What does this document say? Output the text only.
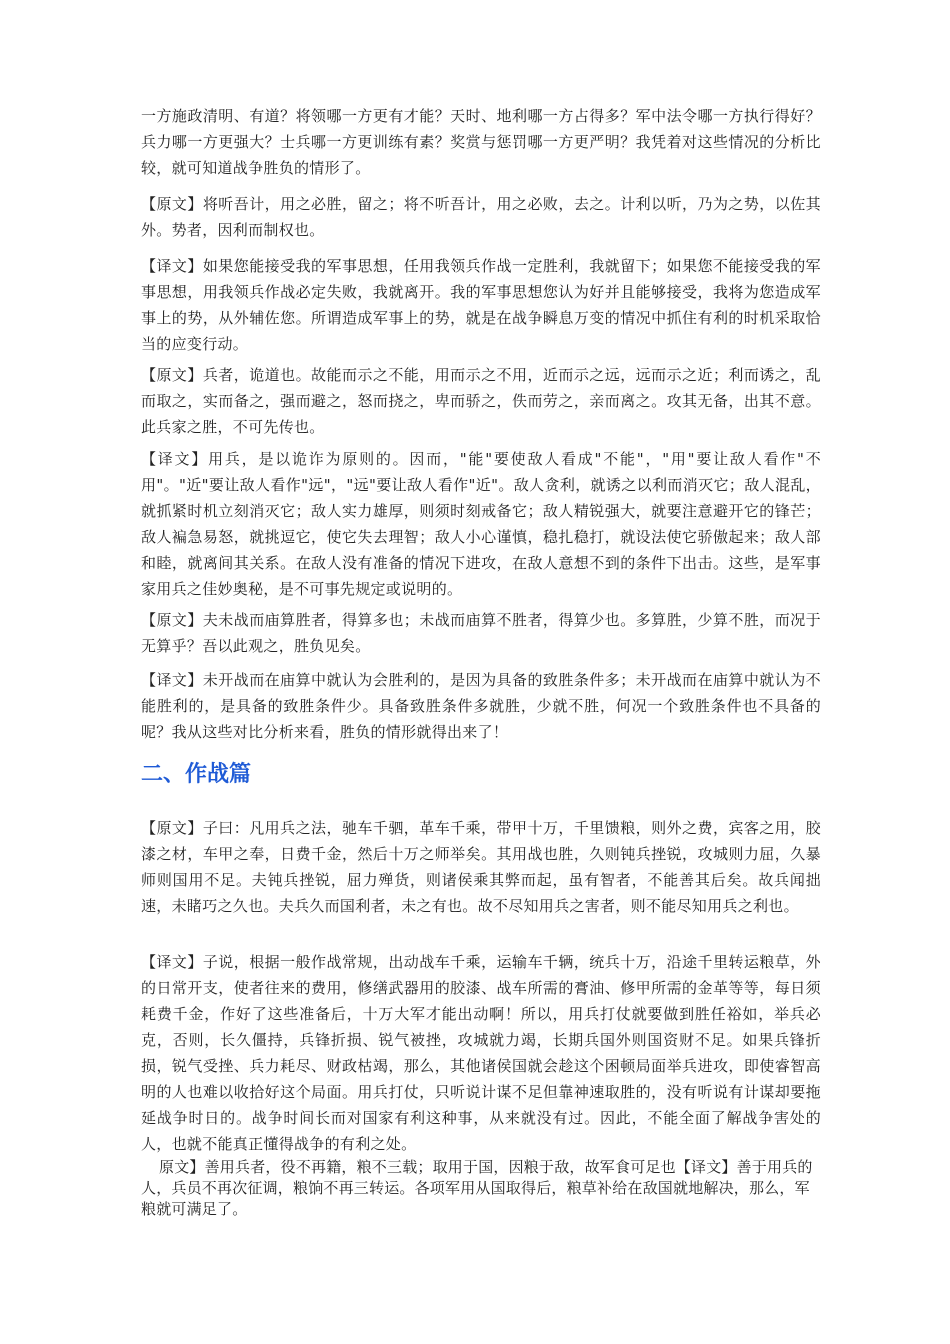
一方施政清明、有道？将领哪一方更有才能？天时、地利哪一方占得多？军中法令哪一方执行得好？兵力哪一方更强大？士兵哪一方更训练有素？奖赏与惩罚哪一方更严明？我凭着对这些情况的分析比较，就可知道战争胜负的情形了。

【原文】将听吾计，用之必胜，留之；将不听吾计，用之必败，去之。计利以听，乃为之势，以佐其外。势者，因利而制权也。

【译文】如果您能接受我的军事思想，任用我领兵作战一定胜利，我就留下；如果您不能接受我的军事思想，用我领兵作战必定失败，我就离开。我的军事思想您认为好并且能够接受，我将为您造成军事上的势，从外辅佐您。所谓造成军事上的势，就是在战争瞬息万变的情况中抓住有利的时机采取恰当的应变行动。

【原文】兵者，诡道也。故能而示之不能，用而示之不用，近而示之远，远而示之近；利而诱之，乱而取之，实而备之，强而避之，怒而挠之，卑而骄之，佚而劳之，亲而离之。攻其无备，出其不意。此兵家之胜，不可先传也。

【译文】用兵，是以诡诈为原则的。因而，"能"要使敌人看成"不能"，"用"要让敌人看作"不用"。"近"要让敌人看作"远"，"远"要让敌人看作"近"。敌人贪利，就诱之以利而消灭它；敌人混乱，就抓紧时机立刻消灭它；敌人实力雄厚，则须时刻戒备它；敌人精锐强大，就要注意避开它的锋芒；敌人褊急易怒，就挑逗它，使它失去理智；敌人小心谨慎，稳扎稳打，就设法使它骄傲起来；敌人部和睦，就离间其关系。在敌人没有准备的情况下进攻，在敌人意想不到的条件下出击。这些，是军事家用兵之佳妙奥秘，是不可事先规定或说明的。

【原文】夫未战而庙算胜者，得算多也；未战而庙算不胜者，得算少也。多算胜，少算不胜，而况于无算乎？吾以此观之，胜负见矣。

【译文】未开战而在庙算中就认为会胜利的，是因为具备的致胜条件多；未开战而在庙算中就认为不能胜利的，是具备的致胜条件少。具备致胜条件多就胜，少就不胜，何况一个致胜条件也不具备的呢？我从这些对比分析来看，胜负的情形就得出来了！

二、作战篇

【原文】子曰：凡用兵之法，驰车千驷，革车千乘，带甲十万，千里馈粮，则外之费，宾客之用，胶漆之材，车甲之奉，日费千金，然后十万之师举矣。其用战也胜，久则钝兵挫锐，攻城则力屈，久暴师则国用不足。夫钝兵挫锐，屈力殚货，则诸侯乘其弊而起，虽有智者，不能善其后矣。故兵闻拙速，未睹巧之久也。夫兵久而国利者，未之有也。故不尽知用兵之害者，则不能尽知用兵之利也。

【译文】子说，根据一般作战常规，出动战车千乘，运输车千辆，统兵十万，沿途千里转运粮草，外的日常开支，使者往来的费用，修缮武器用的胶漆、战车所需的膏油、修甲所需的金革等等，每日须耗费千金，作好了这些准备后，十万大军才能出动啊！所以，用兵打仗就要做到胜任裕如，举兵必克，否则，长久僵持，兵锋折损、锐气被挫，攻城就力竭，长期兵国外则国资财不足。如果兵锋折损，锐气受挫、兵力耗尽、财政枯竭，那么，其他诸侯国就会趁这个困顿局面举兵进攻，即使睿智高明的人也难以收拾好这个局面。用兵打仗，只听说计谋不足但靠神速取胜的，没有听说有计谋却要拖延战争时日的。战争时间长而对国家有利这种事，从来就没有过。因此，不能全面了解战争害处的人，也就不能真正懂得战争的有利之处。

原文】善用兵者，役不再籍，粮不三载；取用于国，因粮于敌，故军食可足也【译文】善于用兵的人，兵员不再次征调，粮饷不再三转运。各项军用从国取得后，粮草补给在敌国就地解决，那么，军粮就可满足了。
